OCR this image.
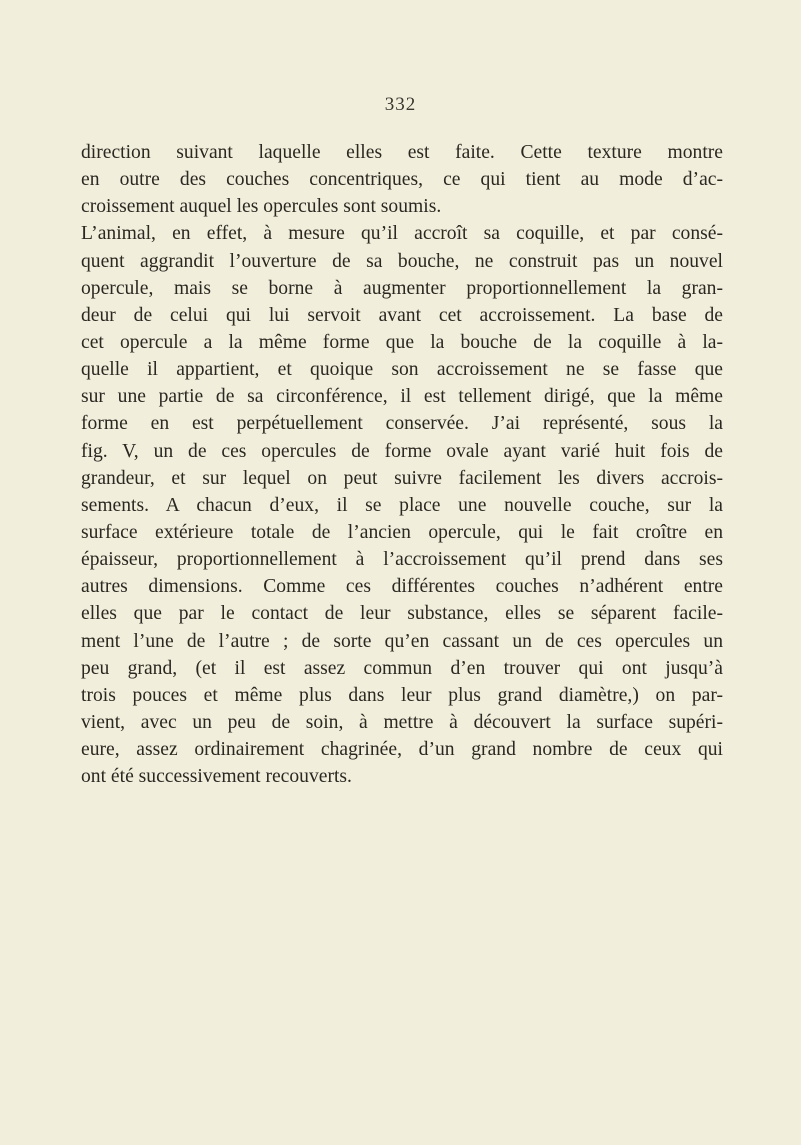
332
direction suivant laquelle elles est faite. Cette texture montre
en outre des couches concentriques, ce qui tient au mode d’ac-
croissement auquel les opercules sont soumis.
L’animal, en effet, à mesure qu’il accroît sa coquille, et par consé-
quent aggrandit l’ouverture de sa bouche, ne construit pas un nouvel
opercule, mais se borne à augmenter proportionnellement la gran-
deur de celui qui lui servoit avant cet accroissement. La base de
cet opercule a la même forme que la bouche de la coquille à la-
quelle il appartient, et quoique son accroissement ne se fasse que
sur une partie de sa circonférence, il est tellement dirigé, que la même
forme en est perpétuellement conservée. J’ai représenté, sous la
fig. V, un de ces opercules de forme ovale ayant varié huit fois de
grandeur, et sur lequel on peut suivre facilement les divers accrois-
sements. A chacun d’eux, il se place une nouvelle couche, sur la
surface extérieure totale de l’ancien opercule, qui le fait croître en
épaisseur, proportionnellement à l’accroissement qu’il prend dans ses
autres dimensions. Comme ces différentes couches n’adhérent entre
elles que par le contact de leur substance, elles se séparent facile-
ment l’une de l’autre ; de sorte qu’en cassant un de ces opercules un
peu grand, (et il est assez commun d’en trouver qui ont jusqu’à
trois pouces et même plus dans leur plus grand diamètre,) on par-
vient, avec un peu de soin, à mettre à découvert la surface supéri-
eure, assez ordinairement chagrinée, d’un grand nombre de ceux qui
ont été successivement recouverts.
